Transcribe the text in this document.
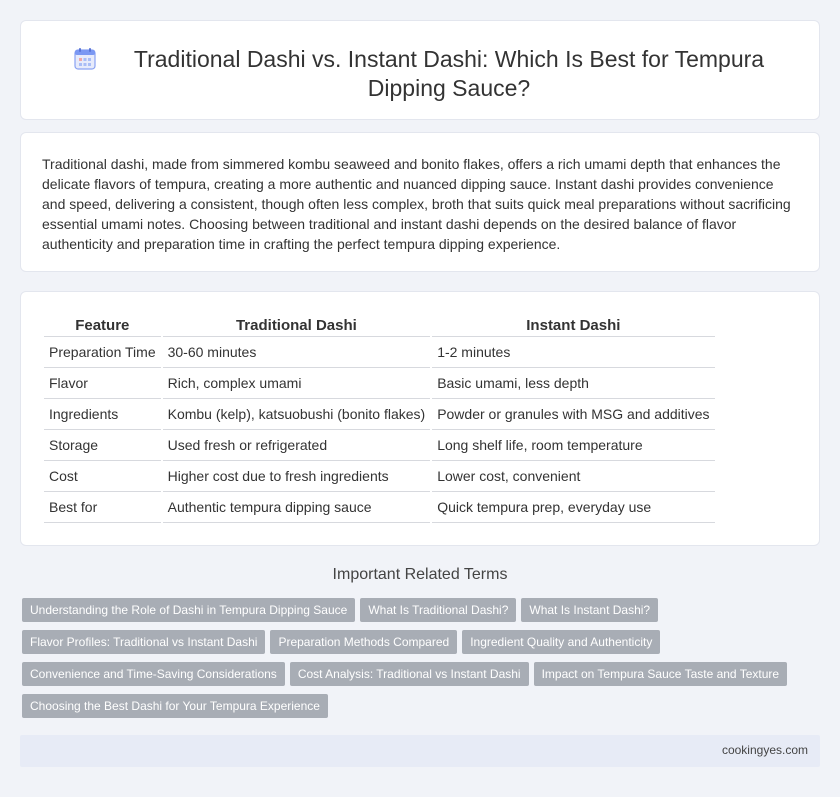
Traditional Dashi vs. Instant Dashi: Which Is Best for Tempura Dipping Sauce?

Traditional dashi, made from simmered kombu seaweed and bonito flakes, offers a rich umami depth that enhances the delicate flavors of tempura, creating a more authentic and nuanced dipping sauce. Instant dashi provides convenience and speed, delivering a consistent, though often less complex, broth that suits quick meal preparations without sacrificing essential umami notes. Choosing between traditional and instant dashi depends on the desired balance of flavor authenticity and preparation time in crafting the perfect tempura dipping experience.

Feature	Traditional Dashi	Instant Dashi
Preparation Time	30-60 minutes	1-2 minutes
Flavor	Rich, complex umami	Basic umami, less depth
Ingredients	Kombu (kelp), katsuobushi (bonito flakes)	Powder or granules with MSG and additives
Storage	Used fresh or refrigerated	Long shelf life, room temperature
Cost	Higher cost due to fresh ingredients	Lower cost, convenient
Best for	Authentic tempura dipping sauce	Quick tempura prep, everyday use
Important Related Terms
Understanding the Role of Dashi in Tempura Dipping Sauce What Is Traditional Dashi? What Is Instant Dashi?
Flavor Profiles: Traditional vs Instant Dashi Preparation Methods Compared Ingredient Quality and Authenticity
Convenience and Time-Saving Considerations Cost Analysis: Traditional vs Instant Dashi Impact on Tempura Sauce Taste and Texture
Choosing the Best Dashi for Your Tempura Experience
cookingyes.com
